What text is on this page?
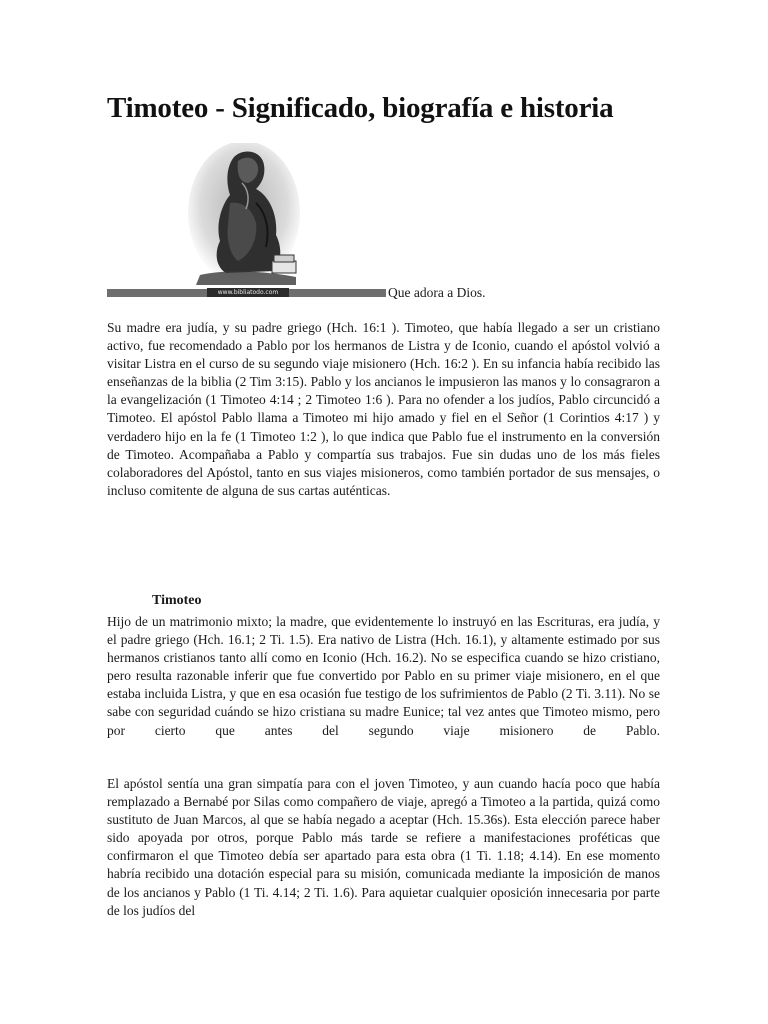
Timoteo - Significado, biografía e historia
www.bibliatodo.com	Que adora a Dios.

Su madre era judía, y su padre griego (Hch. 16:1 ). Timoteo, que había llegado a ser un cristiano activo, fue recomendado a Pablo por los hermanos de Listra y de Iconio, cuando el apóstol volvió a visitar Listra en el curso de su segundo viaje misionero (Hch. 16:2 ). En su infancia había recibido las enseñanzas de la biblia (2 Tim 3:15). Pablo y los ancianos le impusieron las manos y lo consagraron a la evangelización (1 Timoteo 4:14 ; 2 Timoteo 1:6 ). Para no ofender a los judíos, Pablo circuncidó a Timoteo. El apóstol Pablo llama a Timoteo mi hijo amado y fiel en el Señor (1 Corintios 4:17 ) y verdadero hijo en la fe (1 Timoteo 1:2 ), lo que indica que Pablo fue el instrumento en la conversión de Timoteo. Acompañaba a Pablo y compartía sus trabajos. Fue sin dudas uno de los más fieles colaboradores del Apóstol, tanto en sus viajes misioneros, como también portador de sus mensajes, o incluso comitente de alguna de sus cartas auténticas.

Timoteo

Hijo de un matrimonio mixto; la madre, que evidentemente lo instruyó en las Escrituras, era judía, y el padre griego (Hch. 16.1; 2 Ti. 1.5). Era nativo de Listra (Hch. 16.1), y altamente estimado por sus hermanos cristianos tanto allí como en Iconio (Hch. 16.2). No se especifica cuando se hizo cristiano, pero resulta razonable inferir que fue convertido por Pablo en su primer viaje misionero, en el que estaba incluida Listra, y que en esa ocasión fue testigo de los sufrimientos de Pablo (2 Ti. 3.11). No se sabe con seguridad cuándo se hizo cristiana su madre Eunice; tal vez antes que Timoteo mismo, pero por cierto que antes del segundo viaje misionero de Pablo.

El apóstol sentía una gran simpatía para con el joven Timoteo, y aun cuando hacía poco que había remplazado a Bernabé por Silas como compañero de viaje, apregó a Timoteo a la partida, quizá como sustituto de Juan Marcos, al que se había negado a aceptar (Hch. 15.36s). Esta elección parece haber sido apoyada por otros, porque Pablo más tarde se refiere a manifestaciones proféticas que confirmaron el que Timoteo debía ser apartado para esta obra (1 Ti. 1.18; 4.14). En ese momento habría recibido una dotación especial para su misión, comunicada mediante la imposición de manos de los ancianos y Pablo (1 Ti. 4.14; 2 Ti. 1.6). Para aquietar cualquier oposición innecesaria por parte de los judíos del
